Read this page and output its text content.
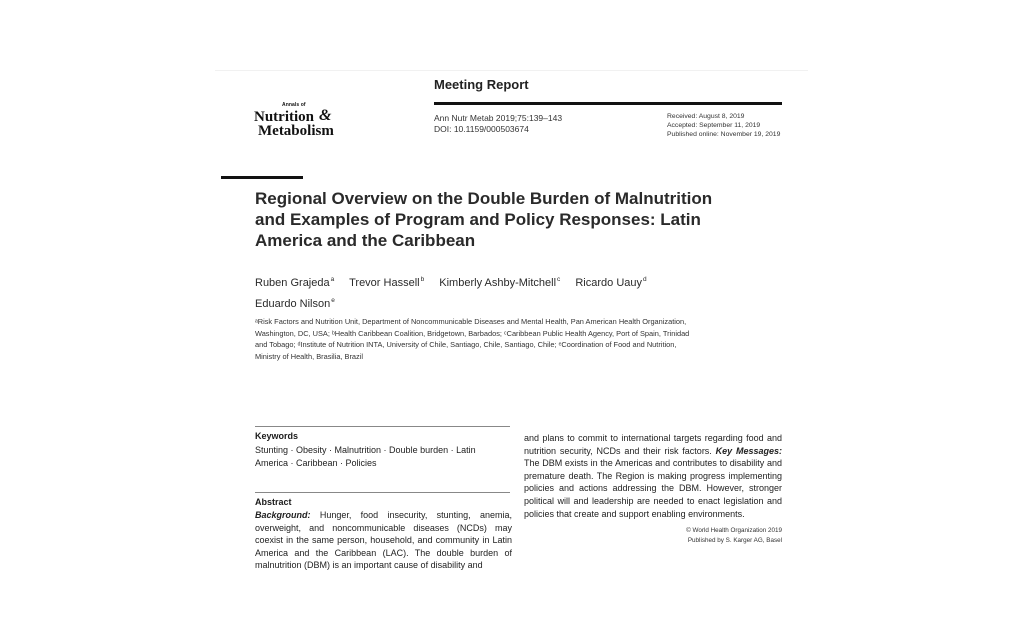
Meeting Report
Annals of
Nutrition &
Metabolism
Ann Nutr Metab 2019;75:139–143
DOI: 10.1159/000503674
Received: August 8, 2019
Accepted: September 11, 2019
Published online: November 19, 2019
Regional Overview on the Double Burden of Malnutrition and Examples of Program and Policy Responses: Latin America and the Caribbean
Ruben Grajeda$^a$ Trevor Hassell$^b$ Kimberly Ashby-Mitchell$^c$ Ricardo Uauy$^d$
Eduardo Nilson$^e$
ᵃRisk Factors and Nutrition Unit, Department of Noncommunicable Diseases and Mental Health, Pan American Health Organization, Washington, DC, USA; ᵇHealth Caribbean Coalition, Bridgetown, Barbados; ᶜCaribbean Public Health Agency, Port of Spain, Trinidad and Tobago; ᵈInstitute of Nutrition INTA, University of Chile, Santiago, Chile, Santiago, Chile; ᵉCoordination of Food and Nutrition, Ministry of Health, Brasilia, Brazil
Keywords
Stunting · Obesity · Malnutrition · Double burden · Latin America · Caribbean · Policies
Abstract
Background: Hunger, food insecurity, stunting, anemia, overweight, and noncommunicable diseases (NCDs) may coexist in the same person, household, and community in Latin America and the Caribbean (LAC). The double burden of malnutrition (DBM) is an important cause of disability and
and plans to commit to international targets regarding food and nutrition security, NCDs and their risk factors. Key Messages: The DBM exists in the Americas and contributes to disability and premature death. The Region is making progress implementing policies and actions addressing the DBM. However, stronger political will and leadership are needed to enact legislation and policies that create and support enabling environments.
© World Health Organization 2019
Published by S. Karger AG, Basel
